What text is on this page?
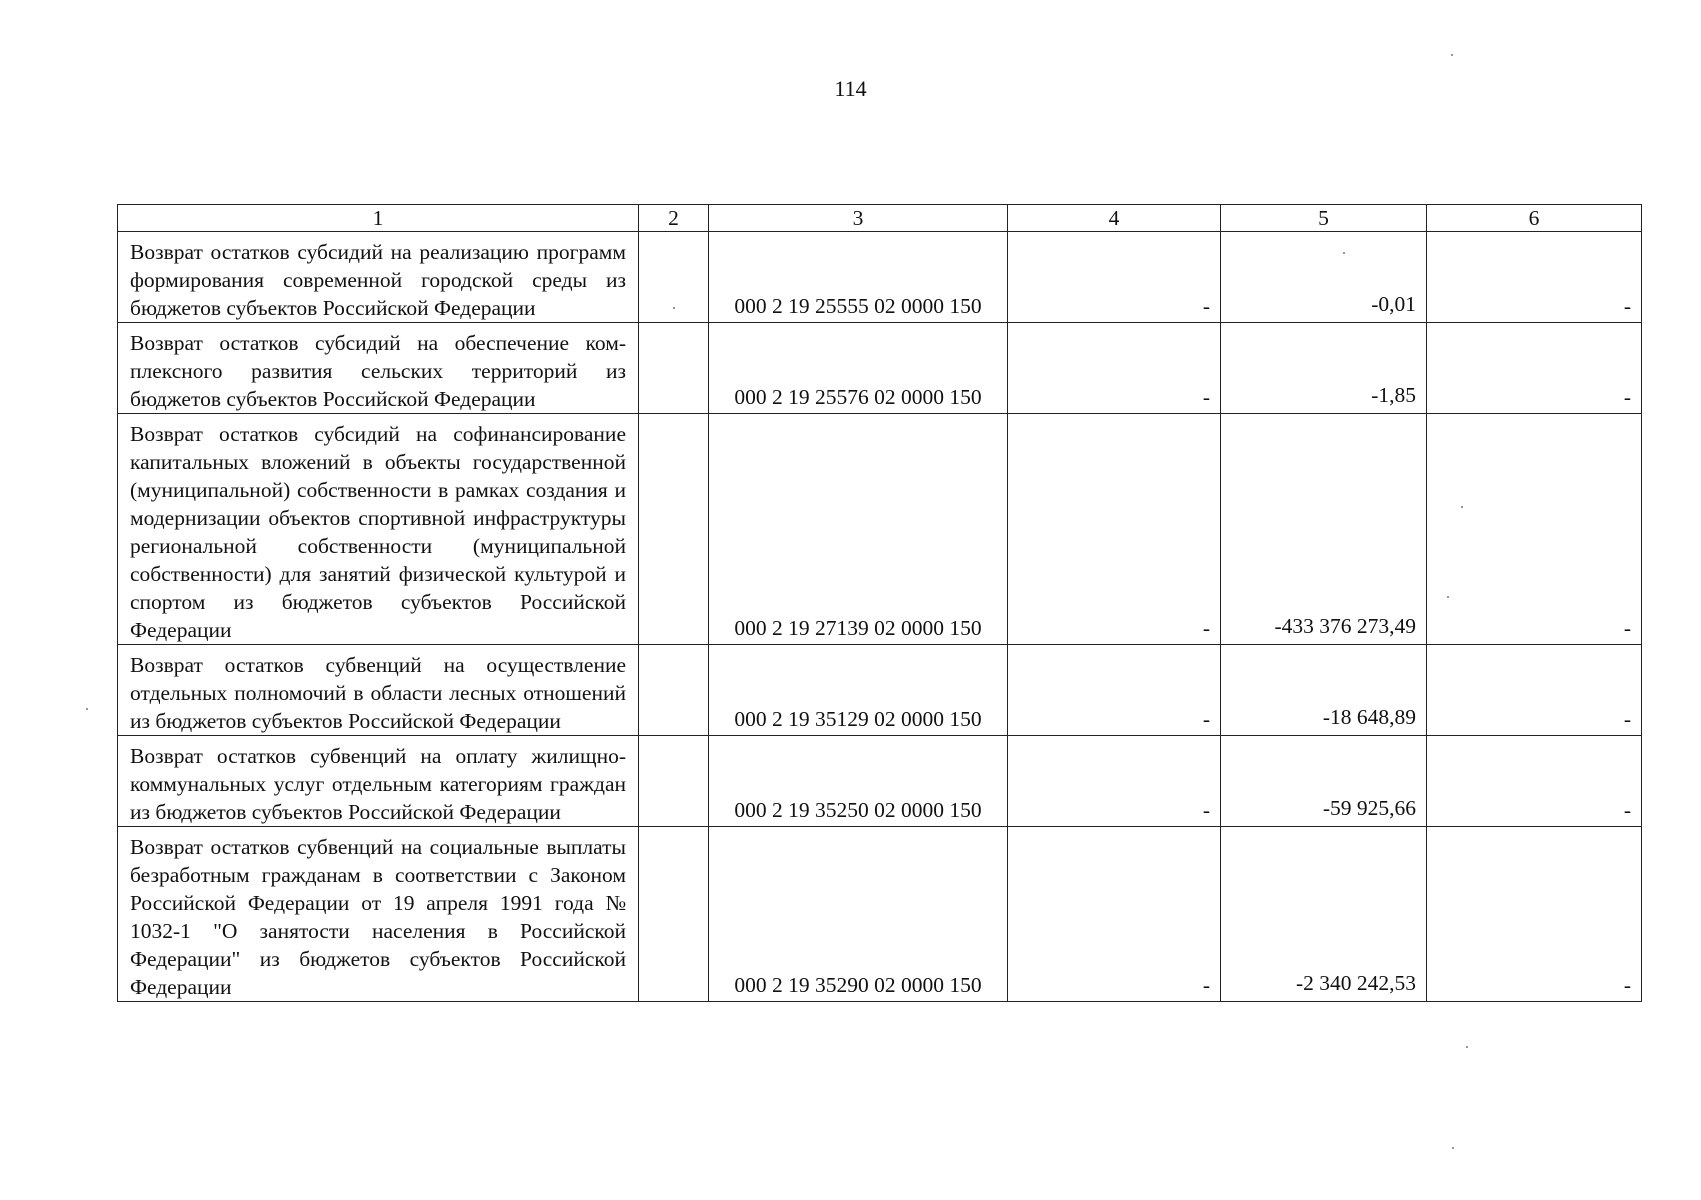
114
1	2	3	4	5	6
Возврат остатков субсидий на реализацию программ формирования современной городской среды из бюджетов субъектов Российской Федерации		000 2 19 25555 02 0000 150	-	-0,01	-
Возврат остатков субсидий на обеспечение комплексного развития сельских территорий из бюджетов субъектов Российской Федерации		000 2 19 25576 02 0000 150	-	-1,85	-
Возврат остатков субсидий на софинансирование капитальных вложений в объекты государственной (муниципальной) собственности в рамках создания и модернизации объектов спортивной инфраструктуры региональной собственности (муниципальной собственности) для занятий физической культурой и спортом из бюджетов субъектов Российской Федерации		000 2 19 27139 02 0000 150	-	-433 376 273,49	-
Возврат остатков субвенций на осуществление отдельных полномочий в области лесных отношений из бюджетов субъектов Российской Федерации		000 2 19 35129 02 0000 150	-	-18 648,89	-
Возврат остатков субвенций на оплату жилищно-коммунальных услуг отдельным категориям граждан из бюджетов субъектов Российской Федерации		000 2 19 35250 02 0000 150	-	-59 925,66	-
Возврат остатков субвенций на социальные выплаты безработным гражданам в соответствии с Законом Российской Федерации от 19 апреля 1991 года № 1032-1 "О занятости населения в Российской Федерации" из бюджетов субъектов Российской Федерации		000 2 19 35290 02 0000 150	-	-2 340 242,53	-
